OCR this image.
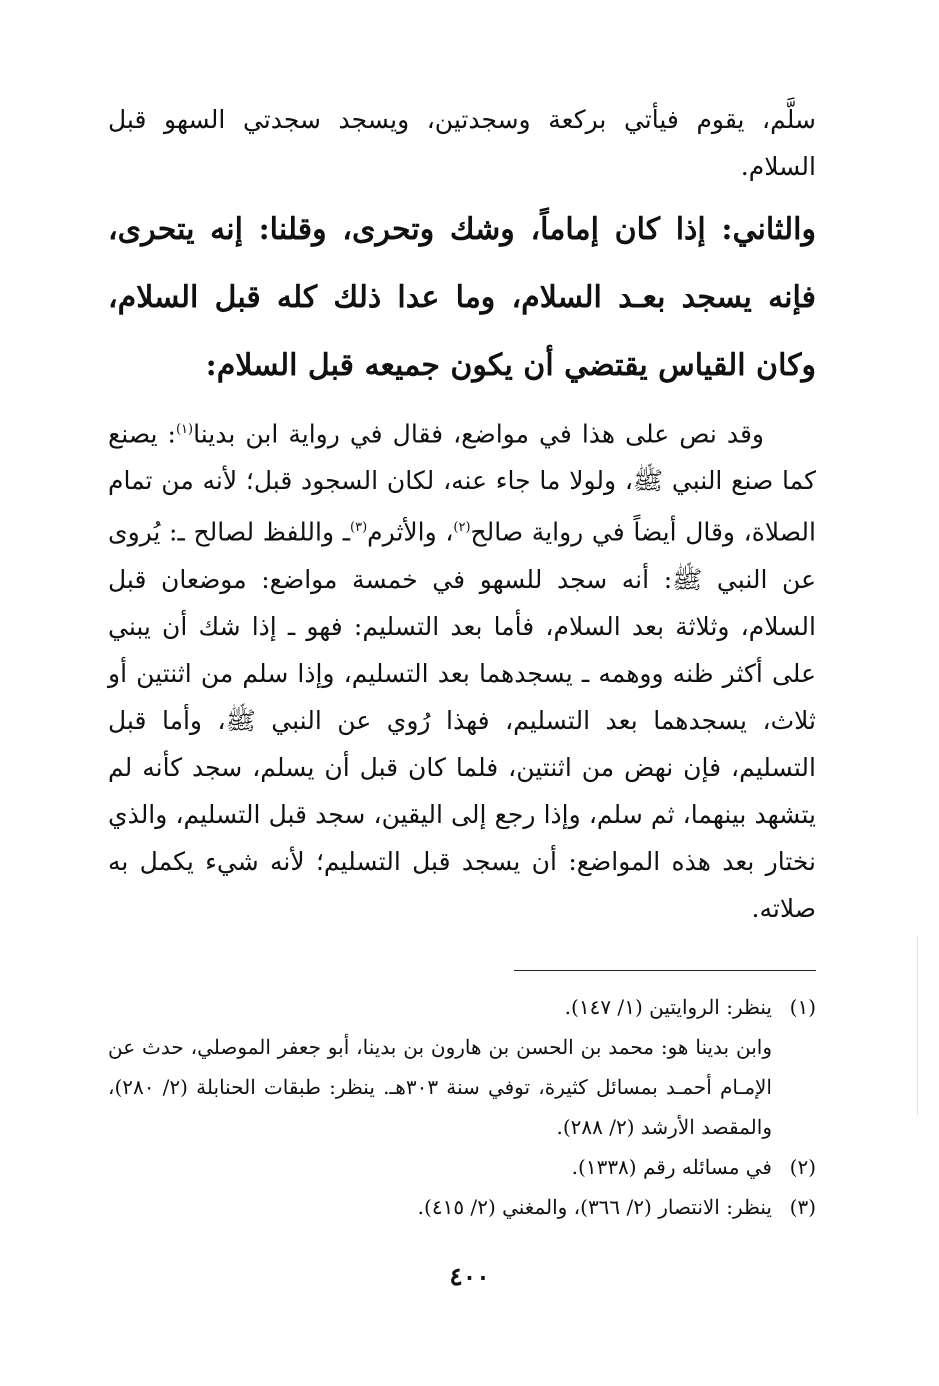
سلَّم، يقوم فيأتي بركعة وسجدتين، ويسجد سجدتي السهو قبل السلام.

والثاني: إذا كان إماماً، وشك وتحرى، وقلنا: إنه يتحرى، فإنه يسجد بعـد السلام، وما عدا ذلك كله قبل السلام، وكان القياس يقتضي أن يكون جميعه قبل السلام:

وقد نص على هذا في مواضع، فقال في رواية ابن بدينا$^{(١)}$: يصنع كما صنع النبي ﷺ، ولولا ما جاء عنه، لكان السجود قبل؛ لأنه من تمام الصلاة، وقال أيضاً في رواية صالح$^{(٢)}$، والأثرم$^{(٣)}$ـ واللفظ لصالح ـ: يُروى عن النبي ﷺ: أنه سجد للسهو في خمسة مواضع: موضعان قبل السلام، وثلاثة بعد السلام، فأما بعد التسليم: فهو ـ إذا شك أن يبني على أكثر ظنه ووهمه ـ يسجدهما بعد التسليم، وإذا سلم من اثنتين أو ثلاث، يسجدهما بعد التسليم، فهذا رُوي عن النبي ﷺ، وأما قبل التسليم، فإن نهض من اثنتين، فلما كان قبل أن يسلم، سجد كأنه لم يتشهد بينهما، ثم سلم، وإذا رجع إلى اليقين، سجد قبل التسليم، والذي نختار بعد هذه المواضع: أن يسجد قبل التسليم؛ لأنه شيء يكمل به صلاته.

(١)ينظر: الروايتين (١/ ١٤٧).

وابن بدينا هو: محمد بن الحسن بن هارون بن بدينا، أبو جعفر الموصلي، حدث عن الإمـام أحمـد بمسائل كثيرة، توفي سنة ٣٠٣هـ. ينظر: طبقات الحنابلة (٢/ ٢٨٠)، والمقصد الأرشد (٢/ ٢٨٨).

(٢)في مسائله رقم (١٣٣٨).

(٣)ينظر: الانتصار (٢/ ٣٦٦)، والمغني (٢/ ٤١٥).

٤٠٠
